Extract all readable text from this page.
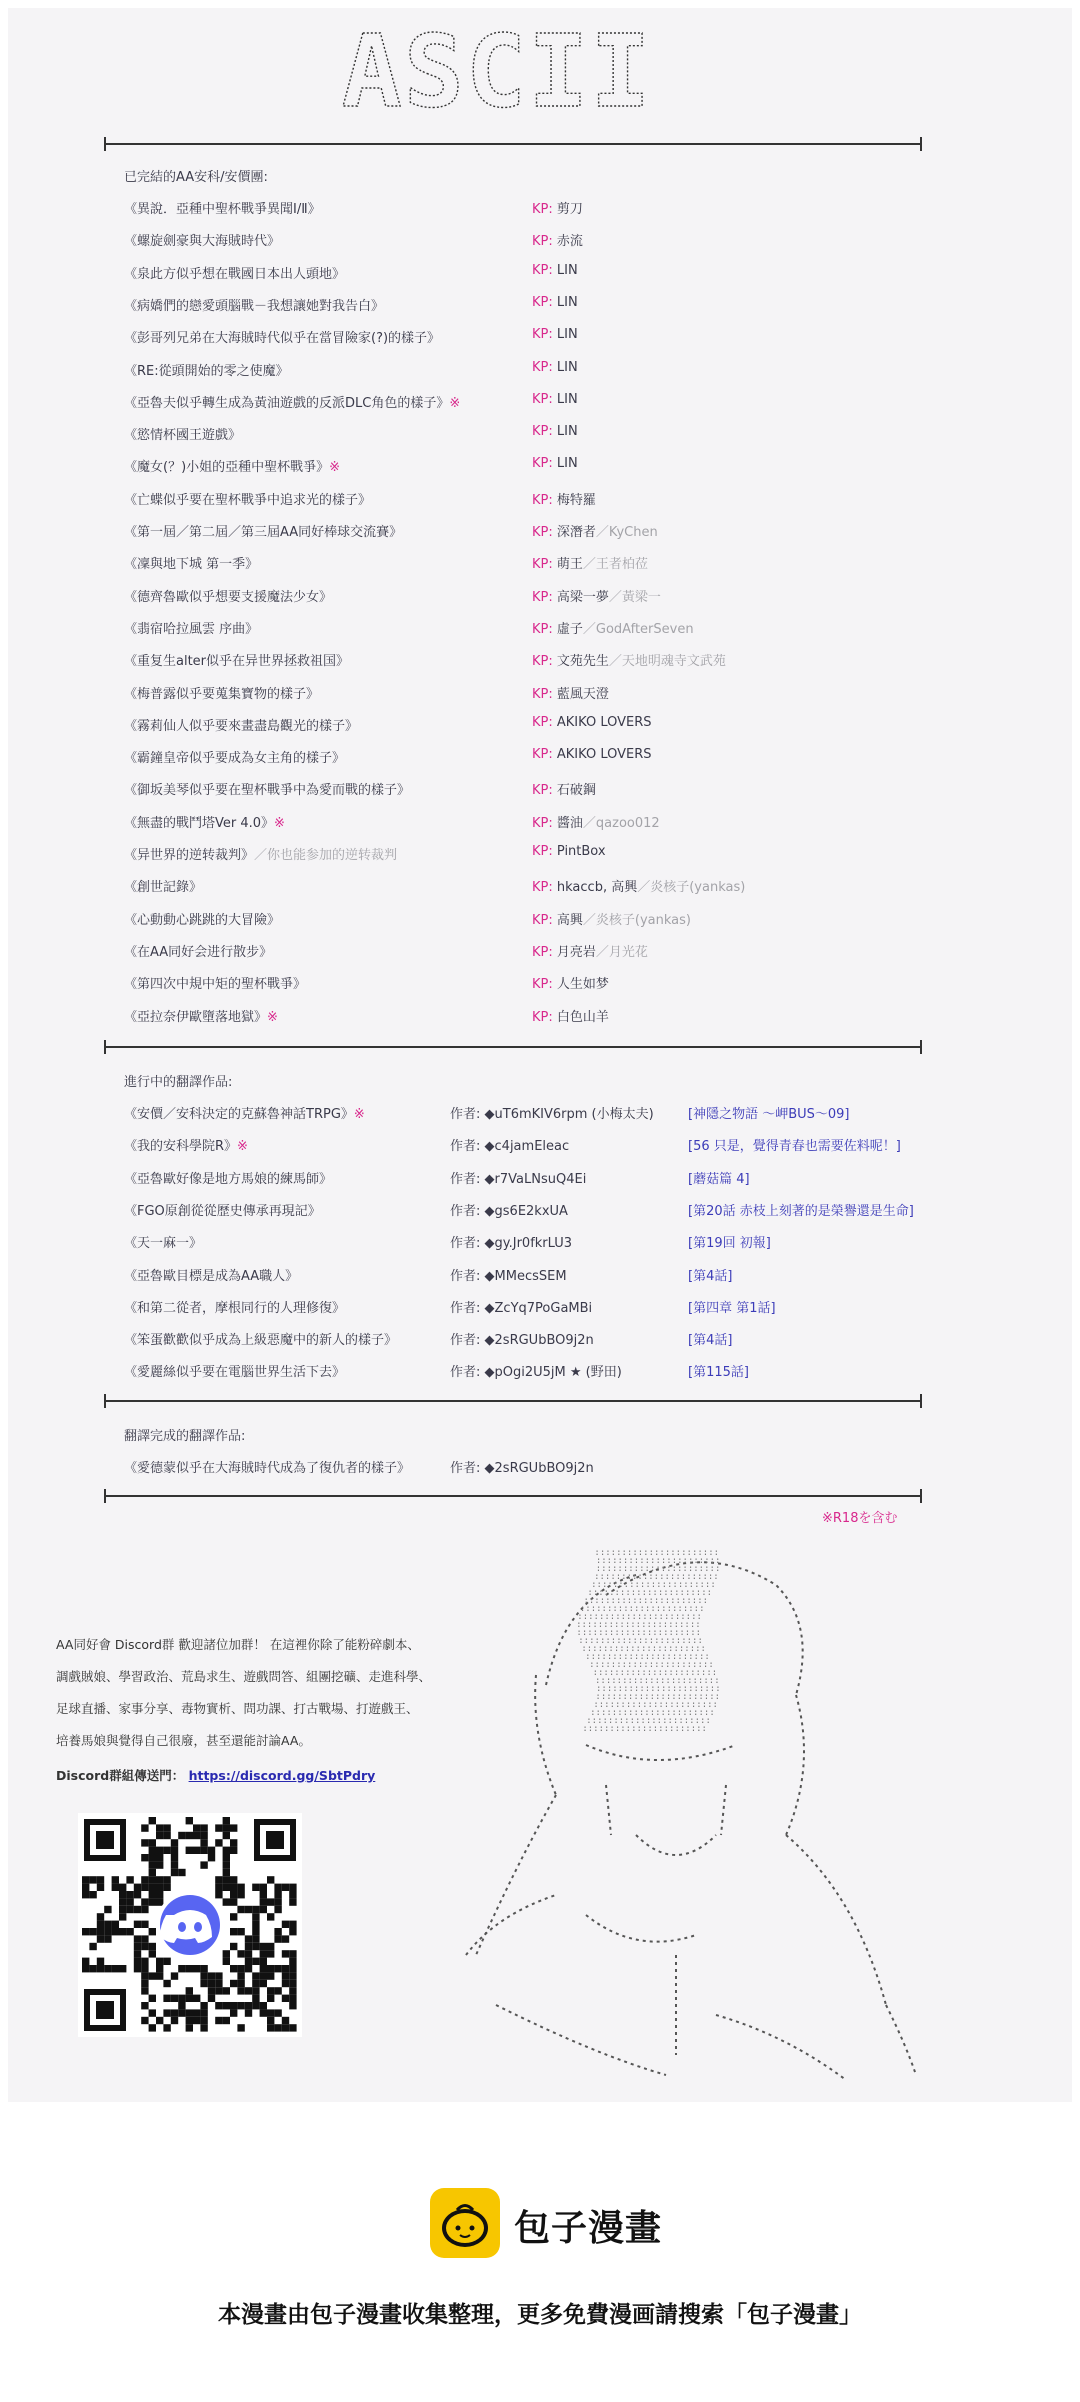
ASCII
已完結的AA安科/安價團:
《異說．亞種中聖杯戰爭異聞Ⅰ/Ⅱ》	KP: 剪刀
《螺旋劍豪與大海賊時代》	KP: 赤流
《泉此方似乎想在戰國日本出人頭地》	KP: LIN
《病嬌們的戀愛頭腦戰－我想讓她對我告白》	KP: LIN
《彭哥列兄弟在大海賊時代似乎在當冒險家(?)的樣子》	KP: LIN
《RE:從頭開始的零之使魔》	KP: LIN
《亞魯夫似乎轉生成為黃油遊戲的反派DLC角色的樣子》※	KP: LIN
《慾情杯國王遊戲》	KP: LIN
《魔女(？)小姐的亞種中聖杯戰爭》※	KP: LIN
《亡蝶似乎要在聖杯戰爭中追求光的樣子》	KP: 梅特羅
《第一屆／第二屆／第三屆AA同好棒球交流賽》	KP: 深潛者／KyChen
《凜與地下城 第一季》	KP: 萌王／王者柏莅
《德齊魯歐似乎想要支援魔法少女》	KP: 高梁一夢／黃梁一
《翡宿哈拉風雲 序曲》	KP: 虛子／GodAfterSeven
《重复生alter似乎在异世界拯救祖国》	KP: 文苑先生／天地明魂寺文武苑
《梅普露似乎要蒐集寶物的樣子》	KP: 藍風天澄
《霧莉仙人似乎要來畫盡島觀光的樣子》	KP: AKIKO LOVERS
《霸鐘皇帝似乎要成為女主角的樣子》	KP: AKIKO LOVERS
《御坂美琴似乎要在聖杯戰爭中為愛而戰的樣子》	KP: 石破鋼
《無盡的戰鬥塔Ver 4.0》※	KP: 醬油／qazoo012
《异世界的逆转裁判》／你也能参加的逆转裁判	KP: PintBox
《創世記錄》	KP: hkaccb, 高興／炎核子(yankas)
《心動動心跳跳的大冒險》	KP: 高興／炎核子(yankas)
《在AA同好会进行散步》	KP: 月亮岩／月光花
《第四次中規中矩的聖杯戰爭》	KP: 人生如梦
《亞拉奈伊歐墮落地獄》※	KP: 白色山羊
進行中的翻譯作品:
《安價／安科決定的克蘇魯神話TRPG》※	作者: ◆uT6mKIV6rpm (小梅太夫)	[神隱之物語 ～岬BUS～09]
《我的安科學院R》※	作者: ◆c4jamEleac	[56 只是，覺得青春也需要佐料呢！]
《亞魯歐好像是地方馬娘的練馬師》	作者: ◆r7VaLNsuQ4Ei	[蘑菇篇 4]
《FGO原創從從歷史傳承再現記》	作者: ◆gs6E2kxUA	[第20話 赤枝上刻著的是榮譽還是生命]
《天一麻一》	作者: ◆gy.Jr0fkrLU3	[第19回 初報]
《亞魯歐目標是成為AA職人》	作者: ◆MMecsSEM	[第4話]
《和第二從者，摩根同行的人理修復》	作者: ◆ZcYq7PoGaMBi	[第四章 第1話]
《笨蛋歡歡似乎成為上級惡魔中的新人的樣子》	作者: ◆2sRGUbBO9j2n	[第4話]
《愛麗絲似乎要在電腦世界生活下去》	作者: ◆pOgi2U5jM ★ (野田)	[第115話]
翻譯完成的翻譯作品:
《愛德蒙似乎在大海賊時代成為了復仇者的樣子》	作者: ◆2sRGUbBO9j2n
※R18を含む
AA同好會 Discord群 歡迎諸位加群！ 在這裡你除了能粉碎劇本、
調戲賊娘、學習政治、荒島求生、遊戲問答、組團挖礦、走進科學、
足球直播、家事分享、毒物實析、問功課、打古戰場、打遊戲王、
培養馬娘與覺得自己很廢，甚至還能討論AA。
Discord群組傳送門： https://discord.gg/SbtPdry
:::::::::::::::::::::::
:::::::::::::::::::::::
:::::::::::::::::::::::
:::::::::::::::::::::::
:::::::::::::::::::::::
:::::::::::::::::::::::
:::::::::::::::::::::::
:::::::::::::::::::::::
:::::::::::::::::::::::
:::::::::::::::::::::::
:::::::::::::::::::::::
:::::::::::::::::::::::
:::::::::::::::::::::::
:::::::::::::::::::::::
:::::::::::::::::::::::
:::::::::::::::::::::::
:::::::::::::::::::::::
:::::::::::::::::::::::
:::::::::::::::::::::::
:::::::::::::::::::::::
:::::::::::::::::::::::
:::::::::::::::::::::::
:::::::::::::::::::::::
包子漫畫
本漫畫由包子漫畫收集整理，更多免費漫画請搜索「包子漫畫」
